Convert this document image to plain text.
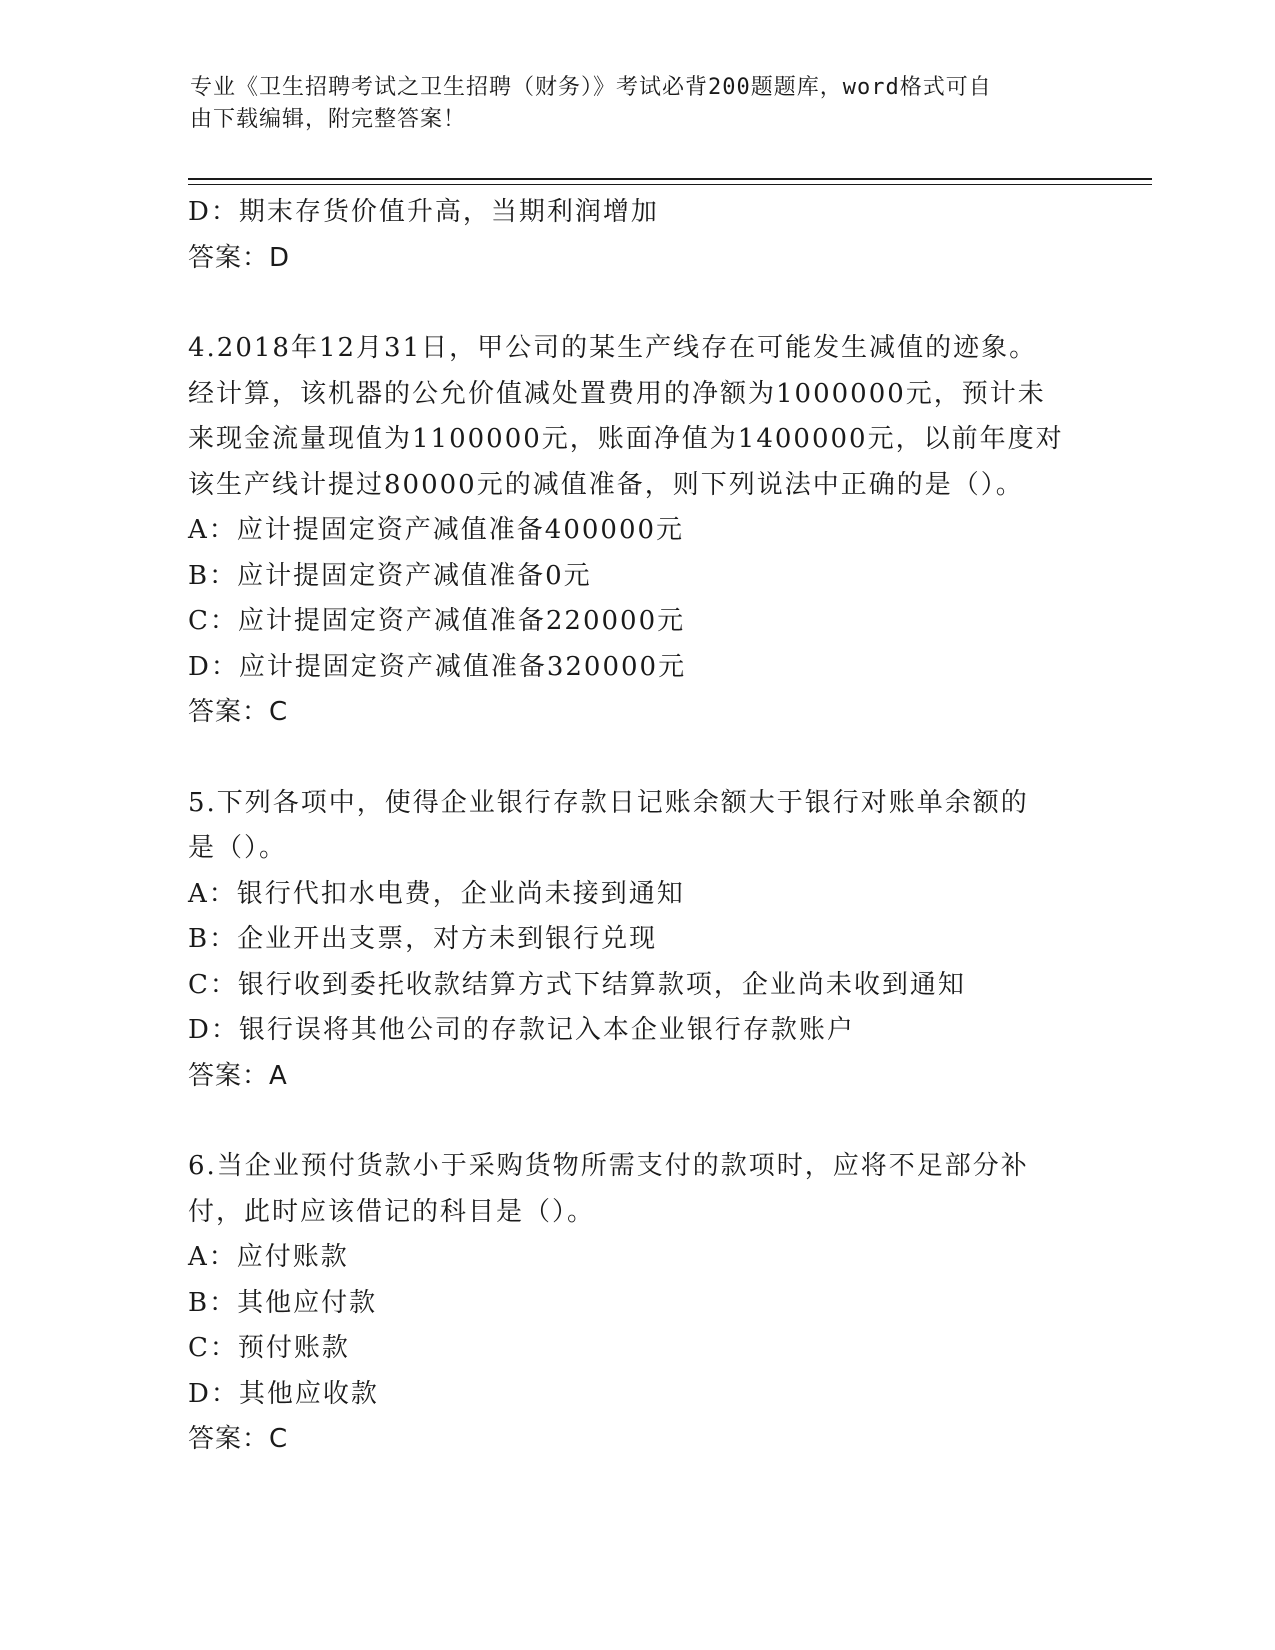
专业《卫生招聘考试之卫生招聘（财务）》考试必背200题题库，word格式可自
由下载编辑，附完整答案！
D：期末存货价值升高，当期利润增加
答案：D
4.2018年12月31日，甲公司的某生产线存在可能发生减值的迹象。
经计算，该机器的公允价值减处置费用的净额为1000000元，预计未
来现金流量现值为1100000元，账面净值为1400000元，以前年度对
该生产线计提过80000元的减值准备，则下列说法中正确的是（）。
A：应计提固定资产减值准备400000元
B：应计提固定资产减值准备0元
C：应计提固定资产减值准备220000元
D：应计提固定资产减值准备320000元
答案：C
5.下列各项中，使得企业银行存款日记账余额大于银行对账单余额的
是（）。
A：银行代扣水电费，企业尚未接到通知
B：企业开出支票，对方未到银行兑现
C：银行收到委托收款结算方式下结算款项，企业尚未收到通知
D：银行误将其他公司的存款记入本企业银行存款账户
答案：A
6.当企业预付货款小于采购货物所需支付的款项时，应将不足部分补
付，此时应该借记的科目是（）。
A：应付账款
B：其他应付款
C：预付账款
D：其他应收款
答案：C
